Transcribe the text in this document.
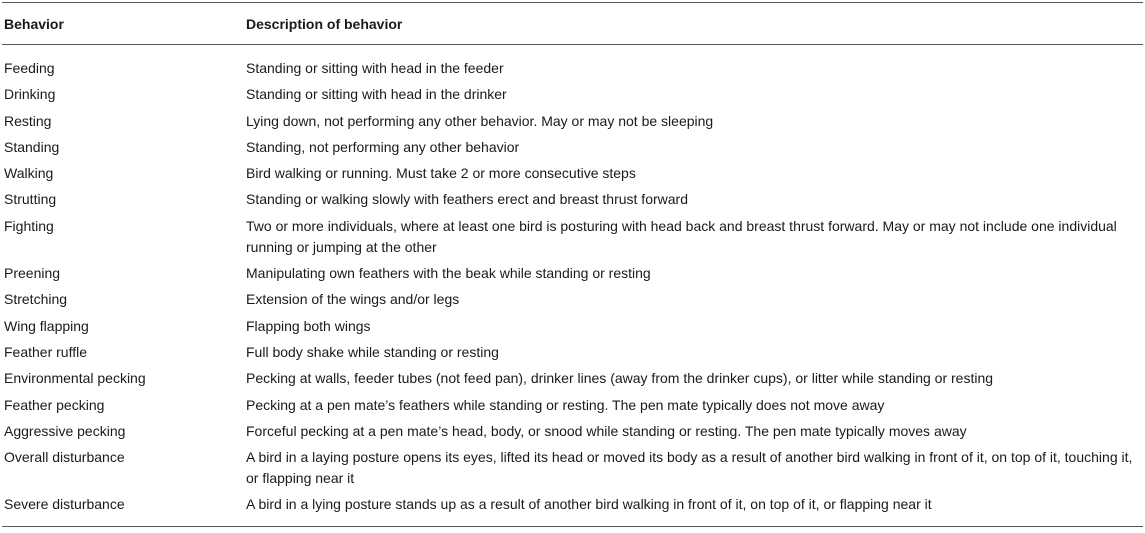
Behavior	Description of behavior
Feeding	Standing or sitting with head in the feeder
Drinking	Standing or sitting with head in the drinker
Resting	Lying down, not performing any other behavior. May or may not be sleeping
Standing	Standing, not performing any other behavior
Walking	Bird walking or running. Must take 2 or more consecutive steps
Strutting	Standing or walking slowly with feathers erect and breast thrust forward
Fighting	Two or more individuals, where at least one bird is posturing with head back and breast thrust forward. May or may not include one individual running or jumping at the other
Preening	Manipulating own feathers with the beak while standing or resting
Stretching	Extension of the wings and/or legs
Wing flapping	Flapping both wings
Feather ruffle	Full body shake while standing or resting
Environmental pecking	Pecking at walls, feeder tubes (not feed pan), drinker lines (away from the drinker cups), or litter while standing or resting
Feather pecking	Pecking at a pen mate’s feathers while standing or resting. The pen mate typically does not move away
Aggressive pecking	Forceful pecking at a pen mate’s head, body, or snood while standing or resting. The pen mate typically moves away
Overall disturbance	A bird in a laying posture opens its eyes, lifted its head or moved its body as a result of another bird walking in front of it, on top of it, touching it, or flapping near it
Severe disturbance	A bird in a lying posture stands up as a result of another bird walking in front of it, on top of it, or flapping near it
